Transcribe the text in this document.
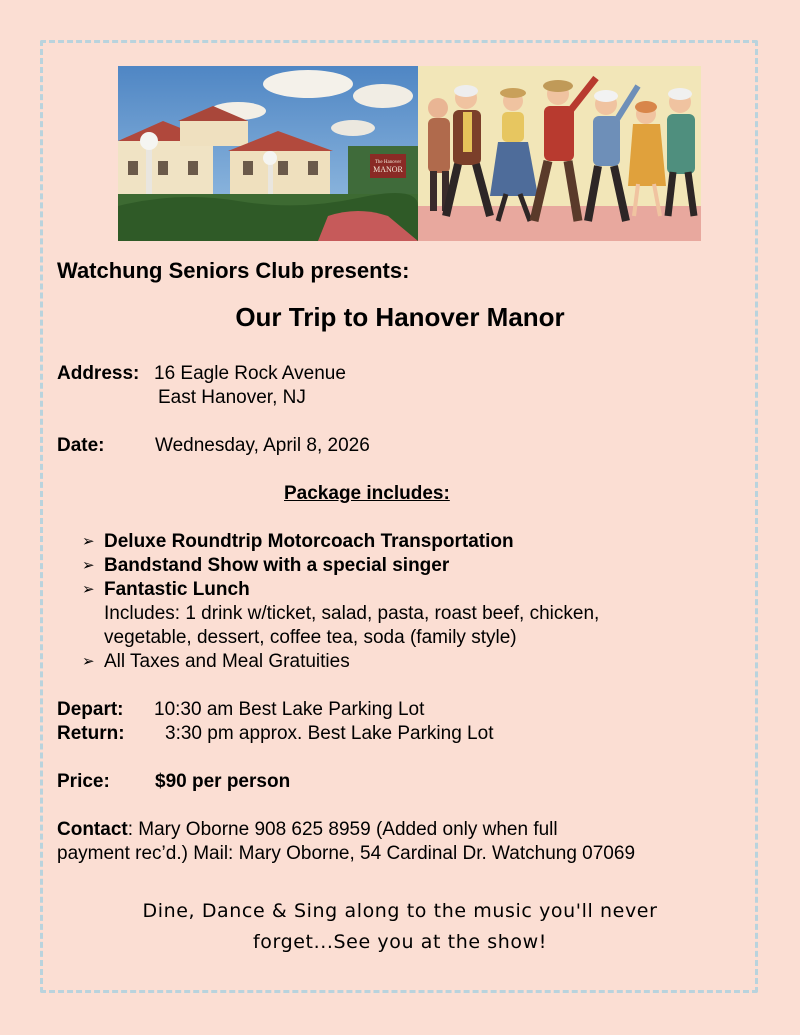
The Hanover
MANOR
Watchung Seniors Club presents:
Our Trip to Hanover Manor
Address: 16 Eagle Rock Avenue
East Hanover, NJ
Date:	Wednesday, April 8, 2026
Package includes:
➢ Deluxe Roundtrip Motorcoach Transportation
➢ Bandstand Show with a special singer
➢ Fantastic Lunch
Includes: 1 drink w/ticket, salad, pasta, roast beef, chicken,
vegetable, dessert, coffee tea, soda (family style)
➢ All Taxes and Meal Gratuities
Depart: 10:30 am Best Lake Parking Lot
Return: 3:30 pm approx. Best Lake Parking Lot
Price: $90 per person
Contact: Mary Oborne 908 625 8959 (Added only when full
payment rec’d.) Mail: Mary Oborne, 54 Cardinal Dr. Watchung 07069
Dine, Dance & Sing along to the music you'll never
forget...See you at the show!
